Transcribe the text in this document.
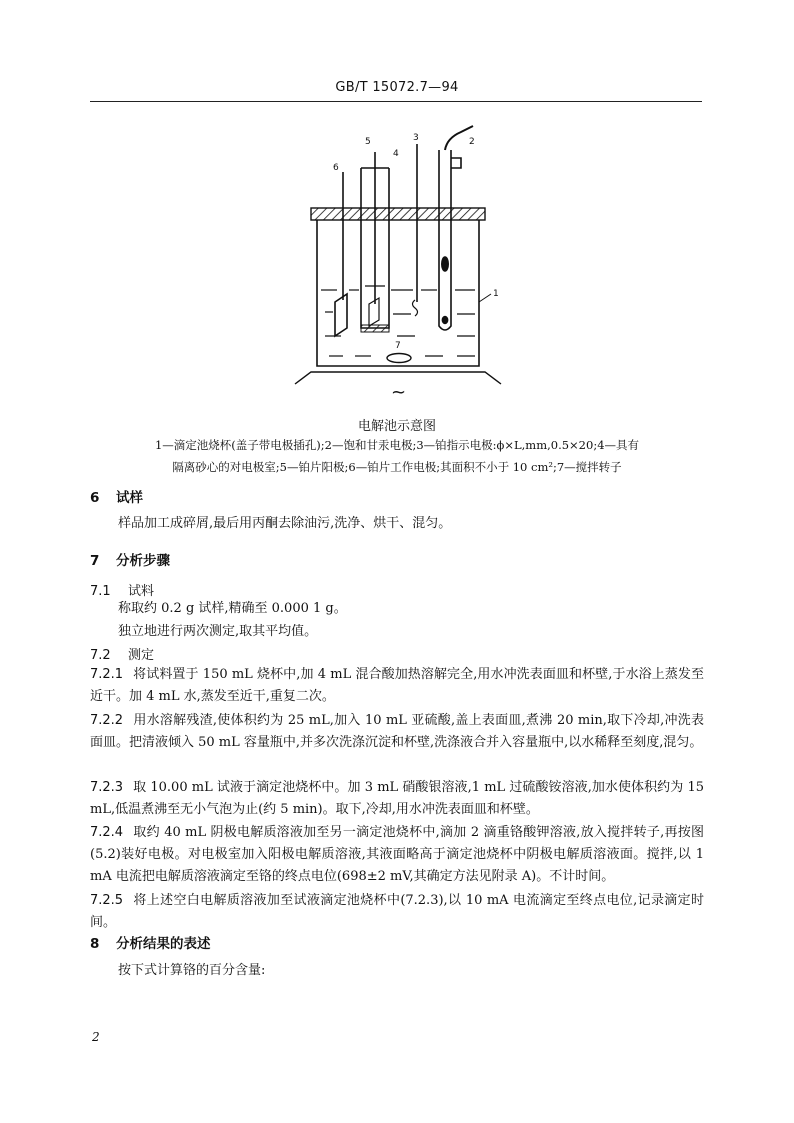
GB/T 15072.7—94
1
2
3
4
5
6
7
~
电解池示意图
1—滴定池烧杯(盖子带电极插孔);2—饱和甘汞电极;3—铂指示电极:ϕ×L,mm,0.5×20;4—具有
隔离砂心的对电极室;5—铂片阳极;6—铂片工作电极;其面积不小于 10 cm²;7—搅拌转子
6 试样
样品加工成碎屑,最后用丙酮去除油污,洗净、烘干、混匀。
7 分析步骤
7.1 试料
称取约 0.2 g 试样,精确至 0.000 1 g。
独立地进行两次测定,取其平均值。
7.2 测定
7.2.1 将试料置于 150 mL 烧杯中,加 4 mL 混合酸加热溶解完全,用水冲洗表面皿和杯壁,于水浴上蒸发至近干。加 4 mL 水,蒸发至近干,重复二次。
7.2.2 用水溶解残渣,使体积约为 25 mL,加入 10 mL 亚硫酸,盖上表面皿,煮沸 20 min,取下冷却,冲洗表面皿。把清液倾入 50 mL 容量瓶中,并多次洗涤沉淀和杯壁,洗涤液合并入容量瓶中,以水稀释至刻度,混匀。
7.2.3 取 10.00 mL 试液于滴定池烧杯中。加 3 mL 硝酸银溶液,1 mL 过硫酸铵溶液,加水使体积约为 15 mL,低温煮沸至无小气泡为止(约 5 min)。取下,冷却,用水冲洗表面皿和杯壁。
7.2.4 取约 40 mL 阴极电解质溶液加至另一滴定池烧杯中,滴加 2 滴重铬酸钾溶液,放入搅拌转子,再按图(5.2)装好电极。对电极室加入阳极电解质溶液,其液面略高于滴定池烧杯中阴极电解质溶液面。搅拌,以 1 mA 电流把电解质溶液滴定至铬的终点电位(698±2 mV,其确定方法见附录 A)。不计时间。
7.2.5 将上述空白电解质溶液加至试液滴定池烧杯中(7.2.3),以 10 mA 电流滴定至终点电位,记录滴定时间。
8 分析结果的表述
按下式计算铬的百分含量:
2
